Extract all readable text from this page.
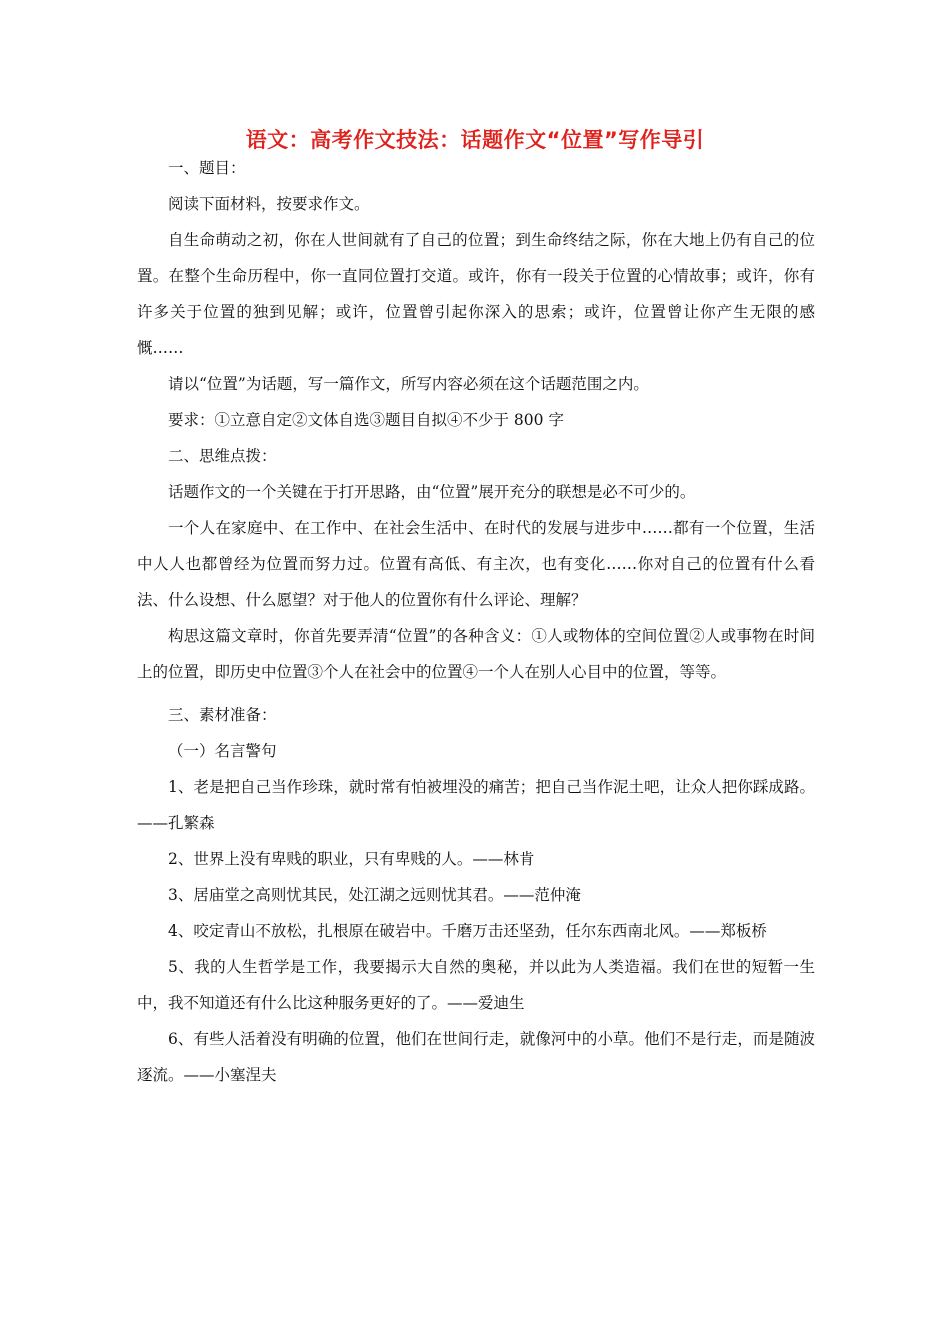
语文：高考作文技法：话题作文“位置”写作导引

一、题目：

阅读下面材料，按要求作文。

自生命萌动之初，你在人世间就有了自己的位置；到生命终结之际，你在大地上仍有自己的位置。在整个生命历程中，你一直同位置打交道。或许，你有一段关于位置的心情故事；或许，你有许多关于位置的独到见解；或许，位置曾引起你深入的思索；或许，位置曾让你产生无限的感慨……

请以“位置”为话题，写一篇作文，所写内容必须在这个话题范围之内。

要求：①立意自定②文体自选③题目自拟④不少于 800 字

二、思维点拨：

话题作文的一个关键在于打开思路，由“位置”展开充分的联想是必不可少的。

一个人在家庭中、在工作中、在社会生活中、在时代的发展与进步中……都有一个位置，生活中人人也都曾经为位置而努力过。位置有高低、有主次，也有变化……你对自己的位置有什么看法、什么设想、什么愿望？对于他人的位置你有什么评论、理解？

构思这篇文章时，你首先要弄清“位置”的各种含义：①人或物体的空间位置②人或事物在时间上的位置，即历史中位置③个人在社会中的位置④一个人在别人心目中的位置，等等。

三、素材准备：

（一）名言警句

1、老是把自己当作珍珠，就时常有怕被埋没的痛苦；把自己当作泥土吧，让众人把你踩成路。——孔繁森

2、世界上没有卑贱的职业，只有卑贱的人。——林肯

3、居庙堂之高则忧其民，处江湖之远则忧其君。——范仲淹

4、咬定青山不放松，扎根原在破岩中。千磨万击还坚劲，任尔东西南北风。——郑板桥

5、我的人生哲学是工作，我要揭示大自然的奥秘，并以此为人类造福。我们在世的短暂一生中，我不知道还有什么比这种服务更好的了。——爱迪生

6、有些人活着没有明确的位置，他们在世间行走，就像河中的小草。他们不是行走，而是随波逐流。——小塞涅夫
